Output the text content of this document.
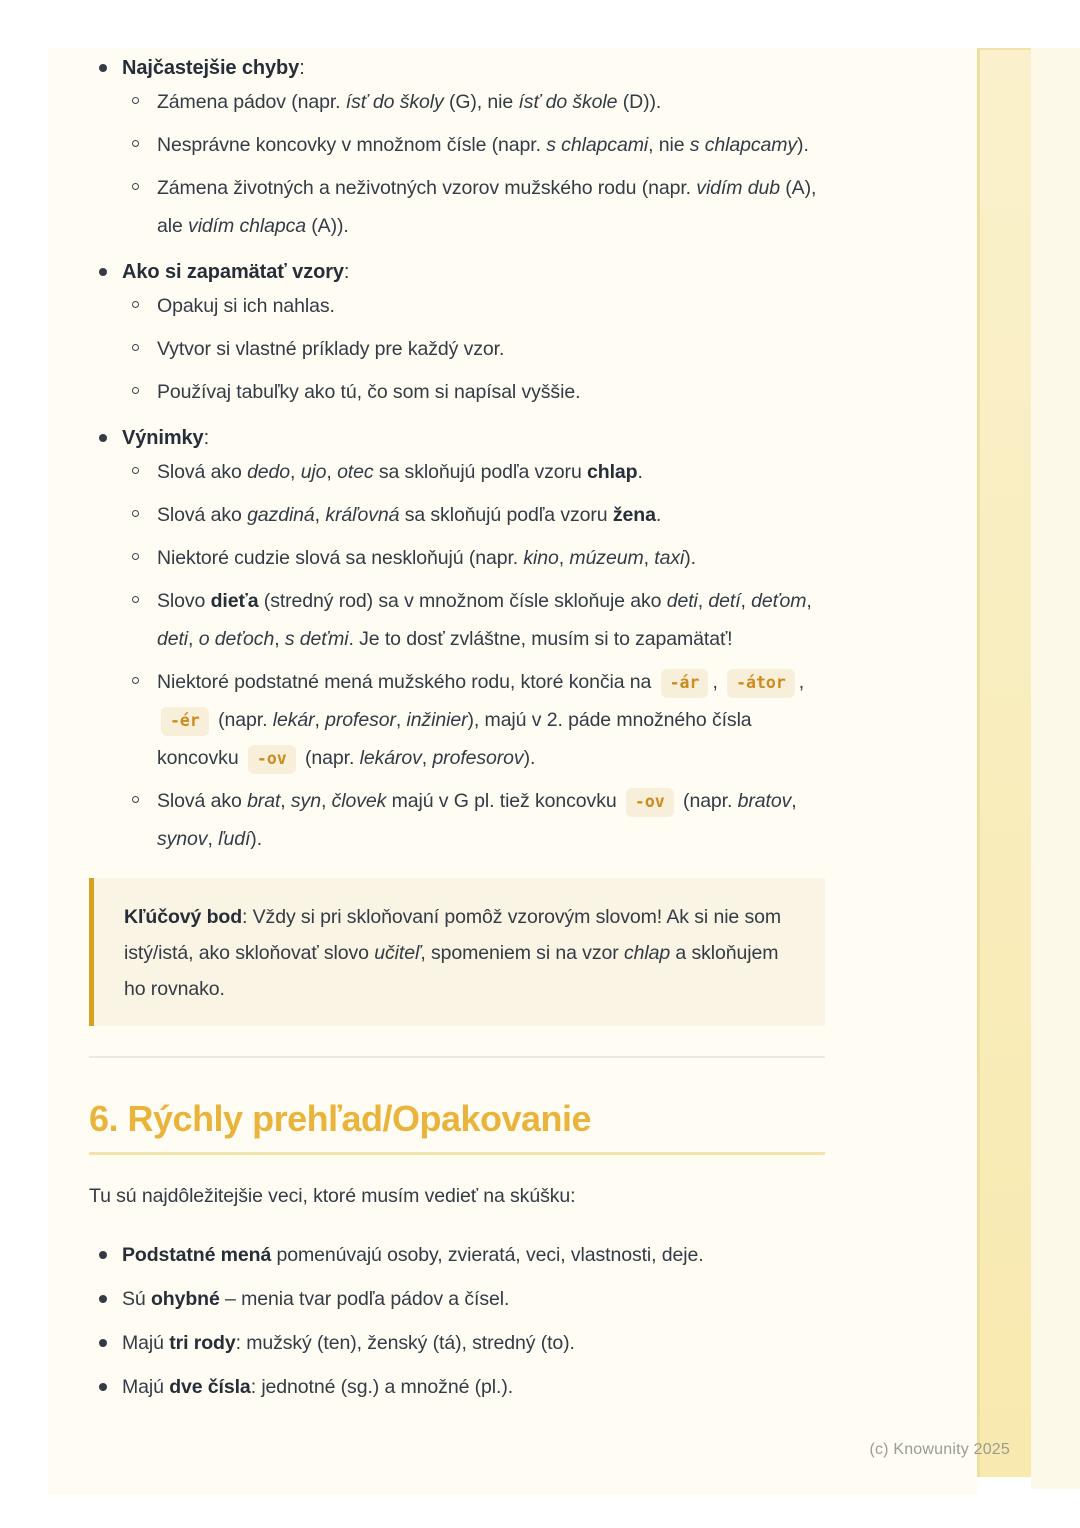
Najčastejšie chyby:
Zámena pádov (napr. ísť do školy (G), nie ísť do škole (D)).
Nesprávne koncovky v množnom čísle (napr. s chlapcami, nie s chlapcamy).
Zámena životných a neživotných vzorov mužského rodu (napr. vidím dub (A), ale vidím chlapca (A)).
Ako si zapamätať vzory:
Opakuj si ich nahlas.
Vytvor si vlastné príklady pre každý vzor.
Používaj tabuľky ako tú, čo som si napísal vyššie.
Výnimky:
Slová ako dedo, ujo, otec sa skloňujú podľa vzoru chlap.
Slová ako gazdiná, kráľovná sa skloňujú podľa vzoru žena.
Niektoré cudzie slová sa neskloňujú (napr. kino, múzeum, taxi).
Slovo dieťa (stredný rod) sa v množnom čísle skloňuje ako deti, detí, deťom, deti, o deťoch, s deťmi. Je to dosť zvláštne, musím si to zapamätať!
Niektoré podstatné mená mužského rodu, ktoré končia na -ár , -átor , -ér (napr. lekár, profesor, inžinier), majú v 2. páde množného čísla koncovku -ov (napr. lekárov, profesorov).
Slová ako brat, syn, človek majú v G pl. tiež koncovku -ov (napr. bratov, synov, ľudí).
Kľúčový bod: Vždy si pri skloňovaní pomôž vzorovým slovom! Ak si nie som istý/istá, ako skloňovať slovo učiteľ, spomeniem si na vzor chlap a skloňujem ho rovnako.
6. Rýchly prehľad/Opakovanie

Tu sú najdôležitejšie veci, ktoré musím vedieť na skúšku:

Podstatné mená pomenúvajú osoby, zvieratá, veci, vlastnosti, deje.
Sú ohybné – menia tvar podľa pádov a čísel.
Majú tri rody: mužský (ten), ženský (tá), stredný (to).
Majú dve čísla: jednotné (sg.) a množné (pl.).
(c) Knowunity 2025
